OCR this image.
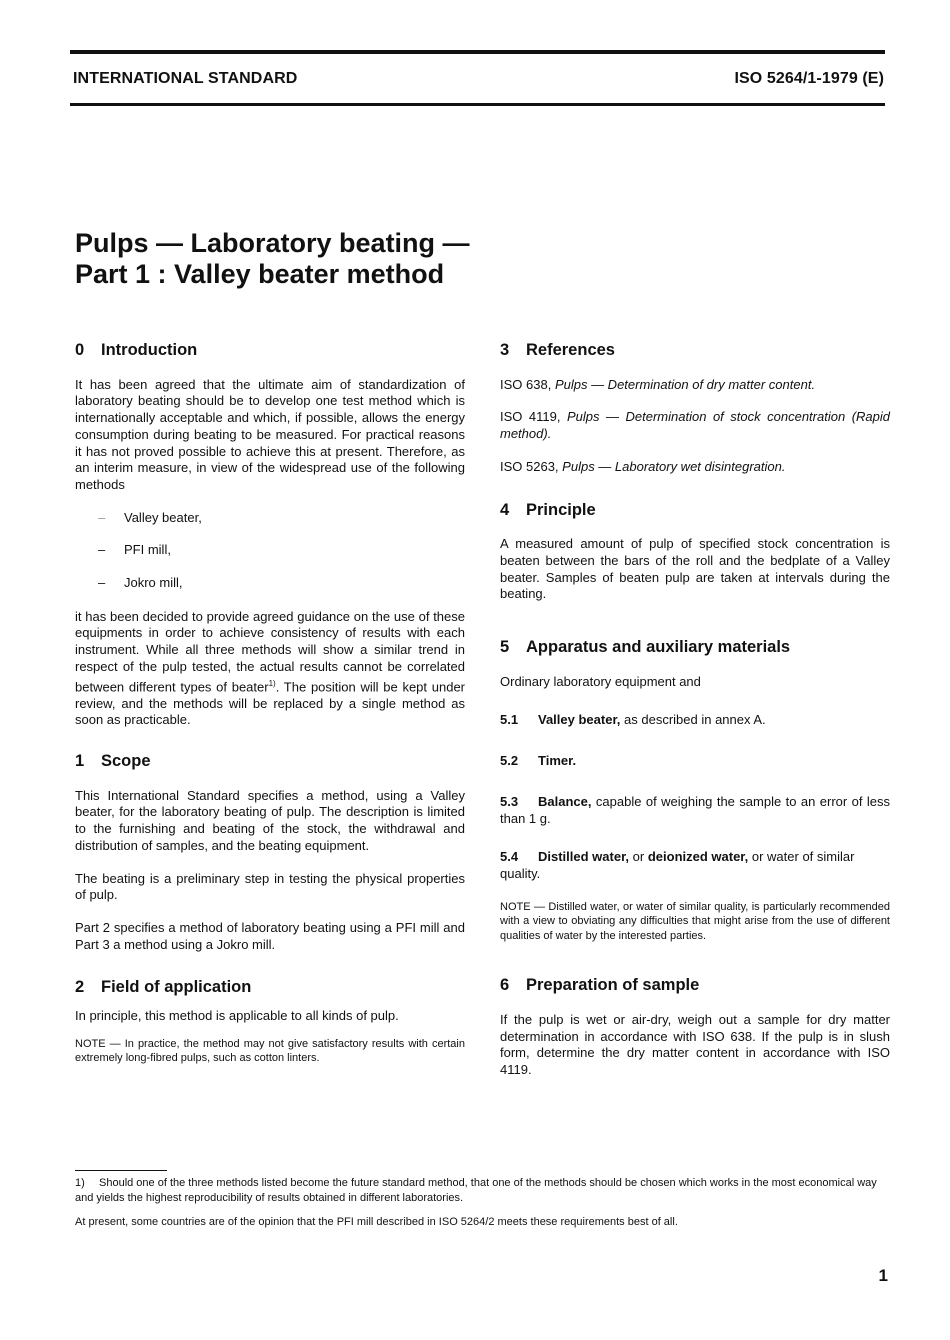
INTERNATIONAL STANDARD	ISO 5264/1-1979 (E)
Pulps — Laboratory beating —
Part 1 : Valley beater method
0 Introduction

It has been agreed that the ultimate aim of standardization of laboratory beating should be to develop one test method which is internationally acceptable and which, if possible, allows the energy consumption during beating to be measured. For practical reasons it has not proved possible to achieve this at present. Therefore, as an interim measure, in view of the widespread use of the following methods

– Valley beater,
– PFI mill,
– Jokro mill,

it has been decided to provide agreed guidance on the use of these equipments in order to achieve consistency of results with each instrument. While all three methods will show a similar trend in respect of the pulp tested, the actual results cannot be correlated between different types of beater$^{1)}$. The position will be kept under review, and the methods will be replaced by a single method as soon as practicable.

1 Scope

This International Standard specifies a method, using a Valley beater, for the laboratory beating of pulp. The description is limited to the furnishing and beating of the stock, the withdrawal and distribution of samples, and the beating equipment.

The beating is a preliminary step in testing the physical properties of pulp.

Part 2 specifies a method of laboratory beating using a PFI mill and Part 3 a method using a Jokro mill.

2 Field of application

In principle, this method is applicable to all kinds of pulp.

NOTE — In practice, the method may not give satisfactory results with certain extremely long-fibred pulps, such as cotton linters.

3 References
ISO 638, Pulps — Determination of dry matter content.
ISO 4119, Pulps — Determination of stock concentration (Rapid method).
ISO 5263, Pulps — Laboratory wet disintegration.
4 Principle

A measured amount of pulp of specified stock concentration is beaten between the bars of the roll and the bedplate of a Valley beater. Samples of beaten pulp are taken at intervals during the beating.

5 Apparatus and auxiliary materials

Ordinary laboratory equipment and

5.1 Valley beater, as described in annex A.
5.2 Timer.
5.3 Balance, capable of weighing the sample to an error of less than 1 g.
5.4 Distilled water, or deionized water, or water of similar quality.

NOTE — Distilled water, or water of similar quality, is particularly recommended with a view to obviating any difficulties that might arise from the use of different qualities of water by the interested parties.

6 Preparation of sample

If the pulp is wet or air-dry, weigh out a sample for dry matter determination in accordance with ISO 638. If the pulp is in slush form, determine the dry matter content in accordance with ISO 4119.

1) Should one of the three methods listed become the future standard method, that one of the methods should be chosen which works in the most economical way and yields the highest reproducibility of results obtained in different laboratories.
At present, some countries are of the opinion that the PFI mill described in ISO 5264/2 meets these requirements best of all.
1
